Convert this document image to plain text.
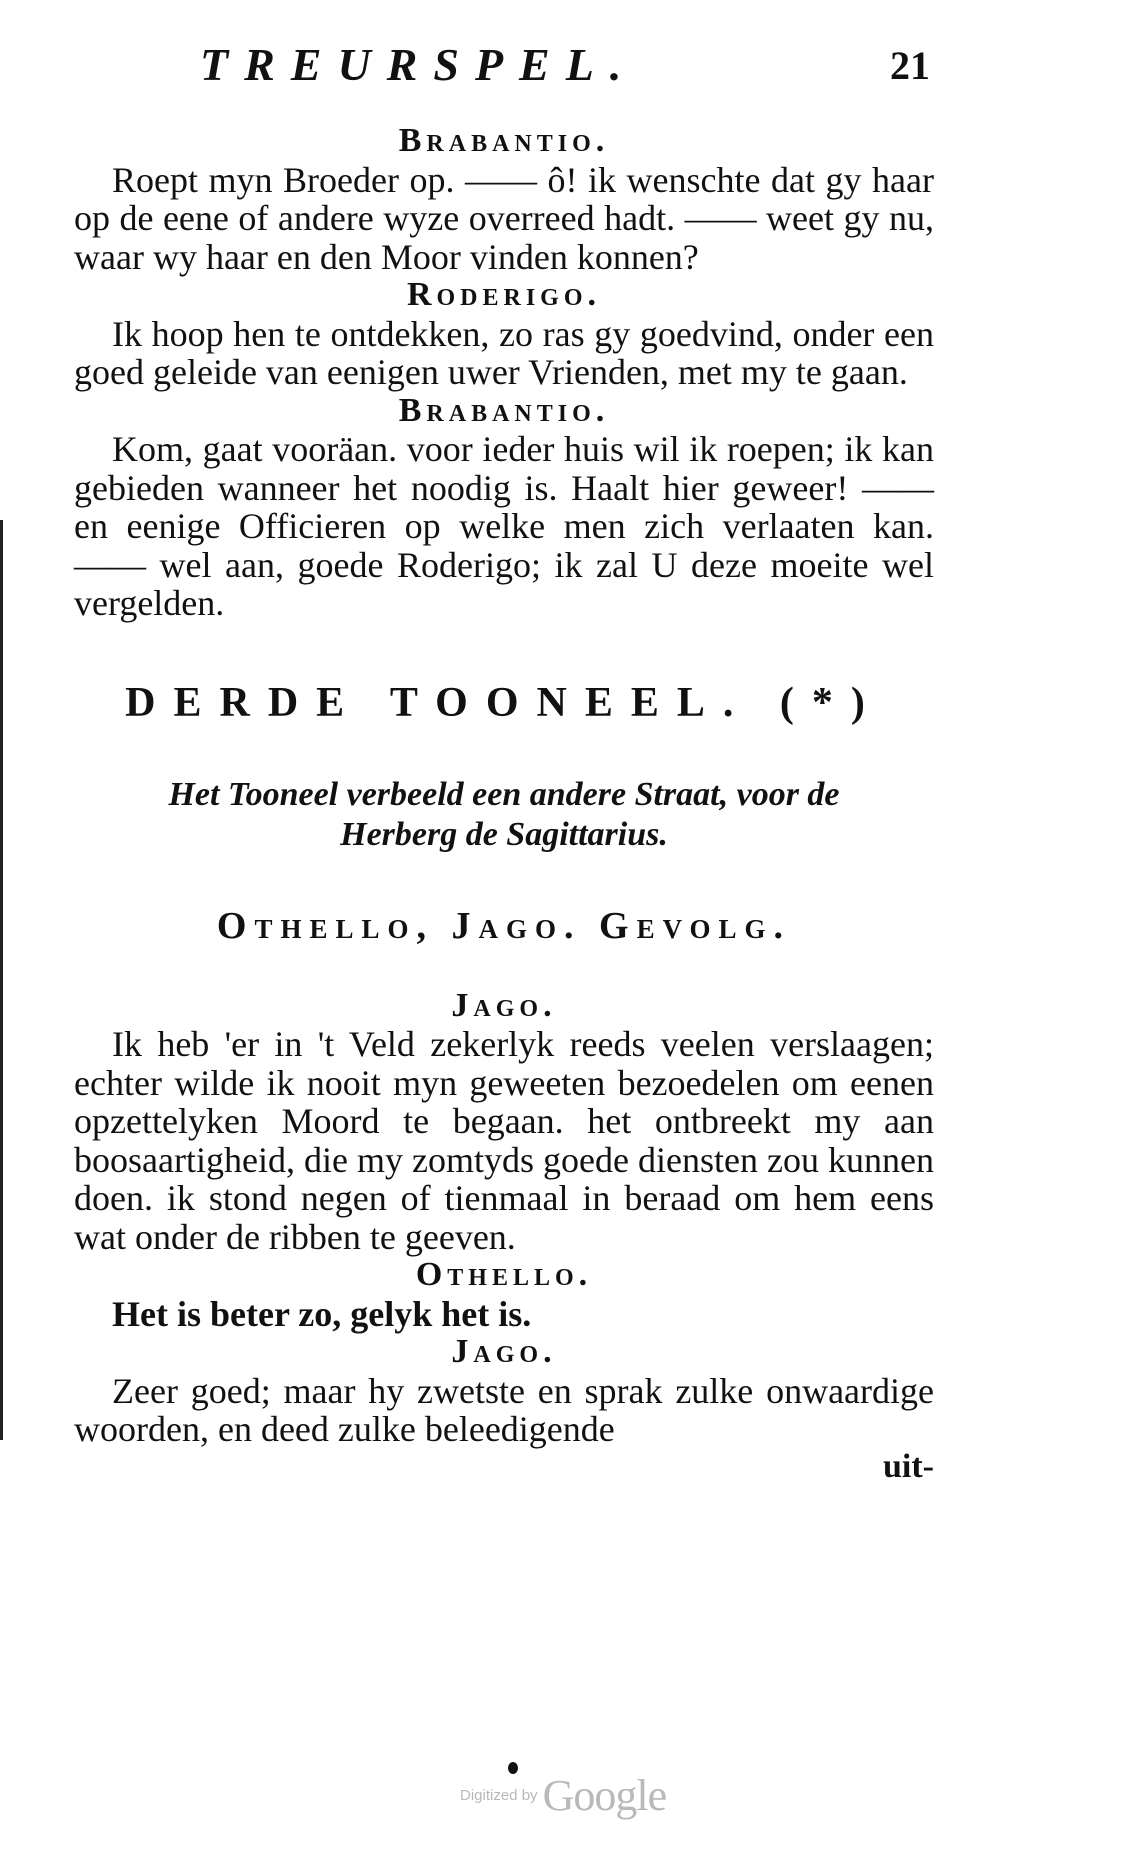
TREURSPEL.	21
Brabantio.

Roept myn Broeder op. —— ô! ik wenschte dat gy haar op de eene of andere wyze overreed hadt. —— weet gy nu, waar wy haar en den Moor vinden konnen?

Roderigo.

Ik hoop hen te ontdekken, zo ras gy goedvind, onder een goed geleide van eenigen uwer Vrienden, met my te gaan.

Brabantio.

Kom, gaat vooräan. voor ieder huis wil ik roepen; ik kan gebieden wanneer het noodig is. Haalt hier geweer! —— en eenige Officieren op welke men zich verlaaten kan. —— wel aan, goede Roderigo; ik zal U deze moeite wel vergelden.

DERDE TOONEEL. (*)
Het Tooneel verbeeld een andere Straat, voor de Herberg de Sagittarius.
Othello, Jago. Gevolg.
Jago.

Ik heb 'er in 't Veld zekerlyk reeds veelen verslaagen; echter wilde ik nooit myn geweeten bezoedelen om eenen opzettelyken Moord te begaan. het ontbreekt my aan boosaartigheid, die my zomtyds goede diensten zou kunnen doen. ik stond negen of tienmaal in beraad om hem eens wat onder de ribben te geeven.

Othello.

Het is beter zo, gelyk het is.

Jago.

Zeer goed; maar hy zwetste en sprak zulke onwaardige woorden, en deed zulke beleedigende

uit-
Digitized by Google
